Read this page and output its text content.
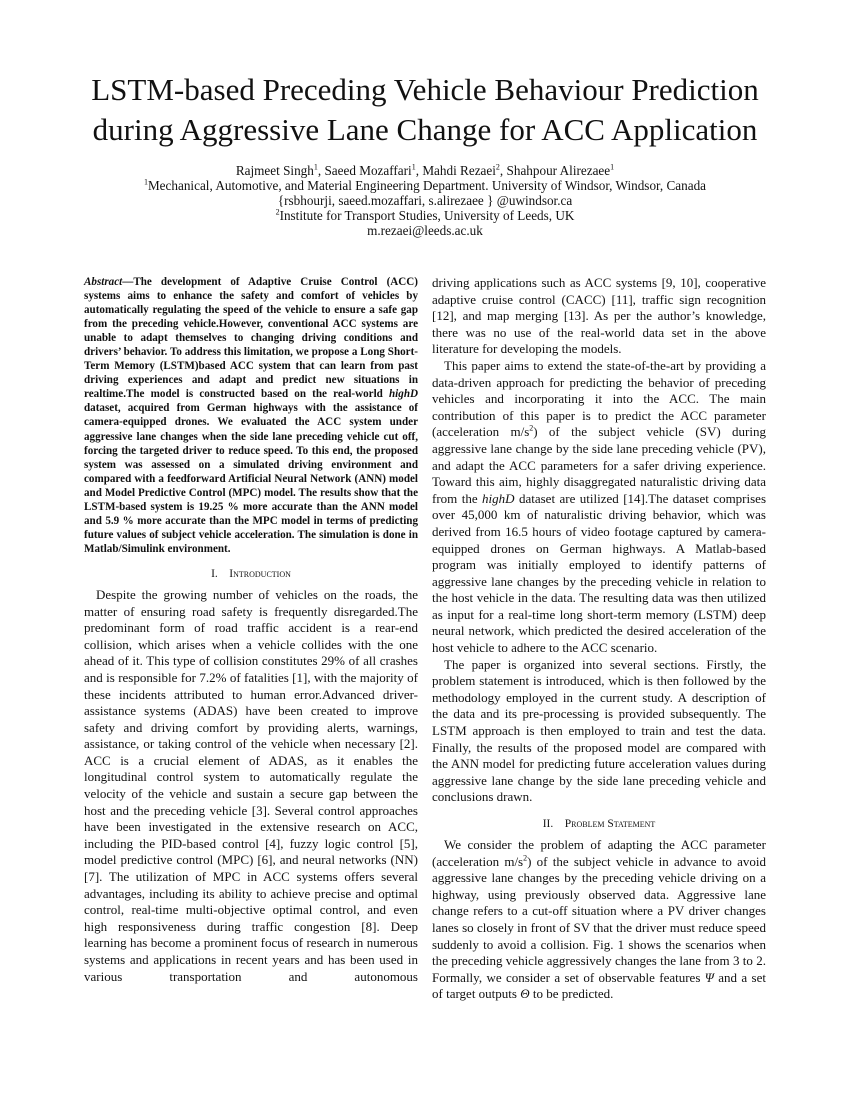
LSTM-based Preceding Vehicle Behaviour Prediction
during Aggressive Lane Change for ACC Application
Rajmeet Singh$^1$, Saeed Mozaffari$^1$, Mahdi Rezaei$^2$, Shahpour Alirezaee$^1$
$^1$Mechanical, Automotive, and Material Engineering Department. University of Windsor, Windsor, Canada
{rsbhourji, saeed.mozaffari, s.alirezaee } @uwindsor.ca
$^2$Institute for Transport Studies, University of Leeds, UK
m.rezaei@leeds.ac.uk

Abstract—The development of Adaptive Cruise Control (ACC) systems aims to enhance the safety and comfort of vehicles by automatically regulating the speed of the vehicle to ensure a safe gap from the preceding vehicle.However, conventional ACC systems are unable to adapt themselves to changing driving conditions and drivers’ behavior. To address this limitation, we propose a Long Short-Term Memory (LSTM)based ACC system that can learn from past driving experiences and adapt and predict new situations in realtime.The model is constructed based on the real-world highD dataset, acquired from German highways with the assistance of camera-equipped drones. We evaluated the ACC system under aggressive lane changes when the side lane preceding vehicle cut off, forcing the targeted driver to reduce speed. To this end, the proposed system was assessed on a simulated driving environment and compared with a feedforward Artificial Neural Network (ANN) model and Model Predictive Control (MPC) model. The results show that the LSTM-based system is 19.25 % more accurate than the ANN model and 5.9 % more accurate than the MPC model in terms of predicting future values of subject vehicle acceleration. The simulation is done in Matlab/Simulink environment.

I. Introduction

Despite the growing number of vehicles on the roads, the matter of ensuring road safety is frequently disregarded.The predominant form of road traffic accident is a rear-end collision, which arises when a vehicle collides with the one ahead of it. This type of collision constitutes 29% of all crashes and is responsible for 7.2% of fatalities [1], with the majority of these incidents attributed to human error.Advanced driver-assistance systems (ADAS) have been created to improve safety and driving comfort by providing alerts, warnings, assistance, or taking control of the vehicle when necessary [2]. ACC is a crucial element of ADAS, as it enables the longitudinal control system to automatically regulate the velocity of the vehicle and sustain a secure gap between the host and the preceding vehicle [3]. Several control approaches have been investigated in the extensive research on ACC, including the PID-based control [4], fuzzy logic control [5], model predictive control (MPC) [6], and neural networks (NN) [7]. The utilization of MPC in ACC systems offers several advantages, including its ability to achieve precise and optimal control, real-time multi-objective optimal control, and even high responsiveness during traffic congestion [8]. Deep learning has become a prominent focus of research in numerous systems and applications in recent years and has been used in various transportation and autonomous

driving applications such as ACC systems [9, 10], cooperative adaptive cruise control (CACC) [11], traffic sign recognition [12], and map merging [13]. As per the author’s knowledge, there was no use of the real-world data set in the above literature for developing the models.

This paper aims to extend the state-of-the-art by providing a data-driven approach for predicting the behavior of preceding vehicles and incorporating it into the ACC. The main contribution of this paper is to predict the ACC parameter (acceleration $m/s^2$) of the subject vehicle (SV) during aggressive lane change by the side lane preceding vehicle (PV), and adapt the ACC parameters for a safer driving experience. Toward this aim, highly disaggregated naturalistic driving data from the highD dataset are utilized [14].The dataset comprises over 45,000 km of naturalistic driving behavior, which was derived from 16.5 hours of video footage captured by camera-equipped drones on German highways. A Matlab-based program was initially employed to identify patterns of aggressive lane changes by the preceding vehicle in relation to the host vehicle in the data. The resulting data was then utilized as input for a real-time long short-term memory (LSTM) deep neural network, which predicted the desired acceleration of the host vehicle to adhere to the ACC scenario.

The paper is organized into several sections. Firstly, the problem statement is introduced, which is then followed by the methodology employed in the current study. A description of the data and its pre-processing is provided subsequently. The LSTM approach is then employed to train and test the data. Finally, the results of the proposed model are compared with the ANN model for predicting future acceleration values during aggressive lane change by the side lane preceding vehicle and conclusions drawn.

II. Problem Statement

We consider the problem of adapting the ACC parameter (acceleration $m/s^2$) of the subject vehicle in advance to avoid aggressive lane changes by the preceding vehicle driving on a highway, using previously observed data. Aggressive lane change refers to a cut-off situation where a PV driver changes lanes so closely in front of SV that the driver must reduce speed suddenly to avoid a collision. Fig. 1 shows the scenarios when the preceding vehicle aggressively changes the lane from 3 to 2. Formally, we consider a set of observable features Ψ and a set of target outputs Θ to be predicted.
